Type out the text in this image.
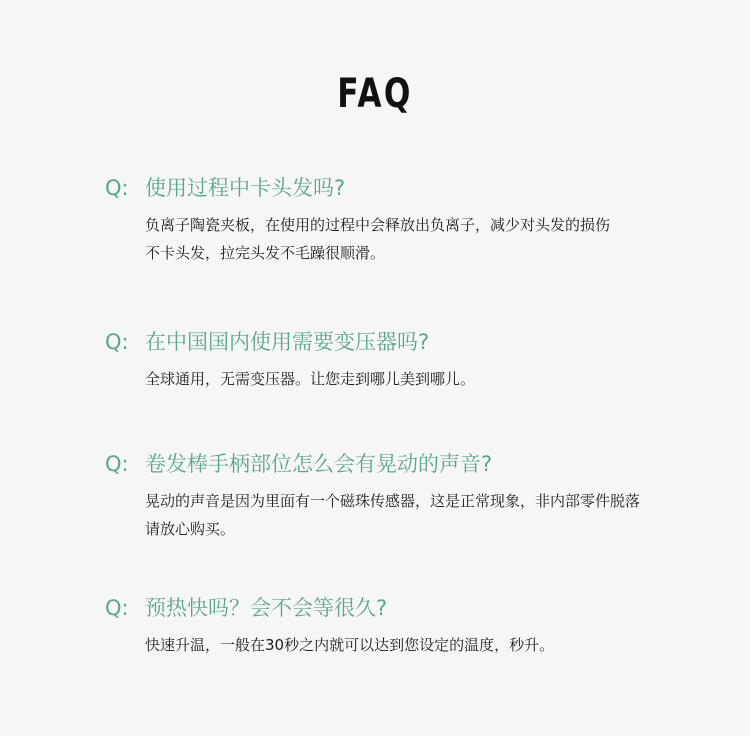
FAQ
Q: 使用过程中卡头发吗?

负离子陶瓷夹板，在使用的过程中会释放出负离子，减少对头发的损伤

不卡头发，拉完头发不毛躁很顺滑。

Q: 在中国国内使用需要变压器吗?

全球通用，无需变压器。让您走到哪儿美到哪儿。

Q: 卷发棒手柄部位怎么会有晃动的声音?

晃动的声音是因为里面有一个磁珠传感器，这是正常现象，非内部零件脱落

请放心购买。

Q: 预热快吗？会不会等很久?

快速升温，一般在30秒之内就可以达到您设定的温度，秒升。
